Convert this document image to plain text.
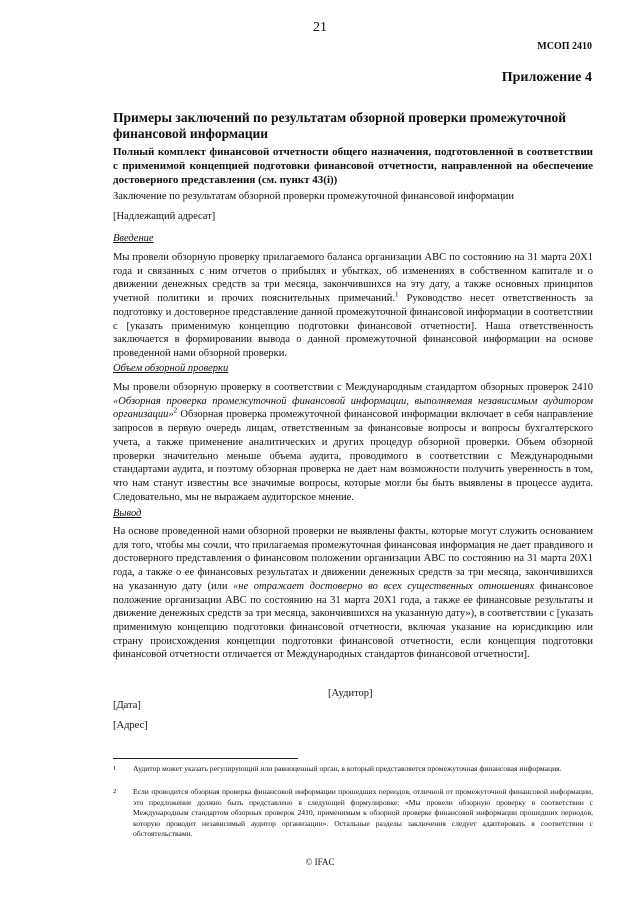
21
МСОП 2410
Приложение 4
Примеры заключений по результатам обзорной проверки промежуточной финансовой информации
Полный комплект финансовой отчетности общего назначения, подготовленной в соответствии с применимой концепцией подготовки финансовой отчетности, направленной на обеспечение достоверного представления (см. пункт 43(i))
Заключение по результатам обзорной проверки промежуточной финансовой информации
[Надлежащий адресат]
Введение
Мы провели обзорную проверку прилагаемого баланса организации АВС по состоянию на 31 марта 20Х1 года и связанных с ним отчетов о прибылях и убытках, об изменениях в собственном капитале и о движении денежных средств за три месяца, закончившихся на эту дату, а также основных принципов учетной политики и прочих пояснительных примечаний.$^1$ Руководство несет ответственность за подготовку и достоверное представление данной промежуточной финансовой информации в соответствии с [указать применимую концепцию подготовки финансовой отчетности]. Наша ответственность заключается в формировании вывода о данной промежуточной финансовой информации на основе проведенной нами обзорной проверки.
Объем обзорной проверки
Мы провели обзорную проверку в соответствии с Международным стандартом обзорных проверок 2410 «Обзорная проверка промежуточной финансовой информации, выполняемая независимым аудитором организации»$^2$ Обзорная проверка промежуточной финансовой информации включает в себя направление запросов в первую очередь лицам, ответственным за финансовые вопросы и вопросы бухгалтерского учета, а также применение аналитических и других процедур обзорной проверки. Объем обзорной проверки значительно меньше объема аудита, проводимого в соответствии с Международными стандартами аудита, и поэтому обзорная проверка не дает нам возможности получить уверенность в том, что нам станут известны все значимые вопросы, которые могли бы быть выявлены в процессе аудита. Следовательно, мы не выражаем аудиторское мнение.
Вывод
На основе проведенной нами обзорной проверки не выявлены факты, которые могут служить основанием для того, чтобы мы сочли, что прилагаемая промежуточная финансовая информация не дает правдивого и достоверного представления о финансовом положении организации АВС по состоянию на 31 марта 20Х1 года, а также о ее финансовых результатах и движении денежных средств за три месяца, закончившихся на указанную дату (или «не отражает достоверно во всех существенных отношениях финансовое положение организации АВС по состоянию на 31 марта 20Х1 года, а также ее финансовые результаты и движение денежных средств за три месяца, закончившихся на указанную дату»), в соответствии с [указать применимую концепцию подготовки финансовой отчетности, включая указание на юрисдикцию или страну происхождения концепции подготовки финансовой отчетности, если концепция подготовки финансовой отчетности отличается от Международных стандартов финансовой отчетности].
[Аудитор]
[Дата]
[Адрес]
1 Аудитор может указать регулирующий или равноценный орган, в который представляется промежуточная финансовая информация.
2 Если проводится обзорная проверка финансовой информации прошедших периодов, отличной от промежуточной финансовой информации, это предложение должно быть представлено в следующей формулировке: «Мы провели обзорную проверку в соответствии с Международным стандартом обзорных проверок 2410, применимым к обзорной проверке финансовой информации прошедших периодов, которую проводит независимый аудитор организации». Остальные разделы заключения следует адаптировать в соответствии с обстоятельствами.
© IFAC
